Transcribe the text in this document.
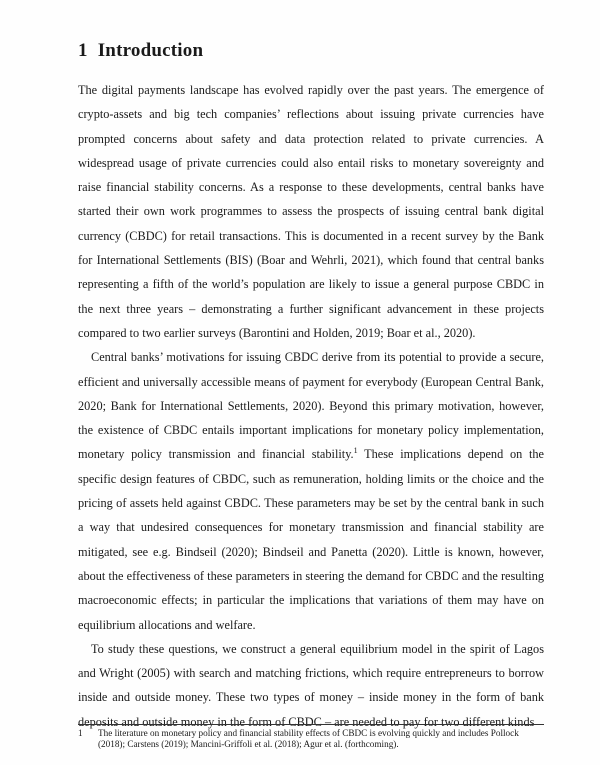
1 Introduction

The digital payments landscape has evolved rapidly over the past years. The emergence of crypto-assets and big tech companies’ reflections about issuing private currencies have prompted concerns about safety and data protection related to private currencies. A widespread usage of private currencies could also entail risks to monetary sovereignty and raise financial stability concerns. As a response to these developments, central banks have started their own work programmes to assess the prospects of issuing central bank digital currency (CBDC) for retail transactions. This is documented in a recent survey by the Bank for International Settlements (BIS) (Boar and Wehrli, 2021), which found that central banks representing a fifth of the world’s population are likely to issue a general purpose CBDC in the next three years – demonstrating a further significant advancement in these projects compared to two earlier surveys (Barontini and Holden, 2019; Boar et al., 2020).

Central banks’ motivations for issuing CBDC derive from its potential to provide a secure, efficient and universally accessible means of payment for everybody (European Central Bank, 2020; Bank for International Settlements, 2020). Beyond this primary motivation, however, the existence of CBDC entails important implications for monetary policy implementation, monetary policy transmission and financial stability.$^1$ These implications depend on the specific design features of CBDC, such as remuneration, holding limits or the choice and the pricing of assets held against CBDC. These parameters may be set by the central bank in such a way that undesired consequences for monetary transmission and financial stability are mitigated, see e.g. Bindseil (2020); Bindseil and Panetta (2020). Little is known, however, about the effectiveness of these parameters in steering the demand for CBDC and the resulting macroeconomic effects; in particular the implications that variations of them may have on equilibrium allocations and welfare.

To study these questions, we construct a general equilibrium model in the spirit of Lagos and Wright (2005) with search and matching frictions, which require entrepreneurs to borrow inside and outside money. These two types of money – inside money in the form of bank deposits and outside money in the form of CBDC – are needed to pay for two different kinds

1	The literature on monetary policy and financial stability effects of CBDC is evolving quickly and includes Pollock (2018); Carstens (2019); Mancini-Griffoli et al. (2018); Agur et al. (forthcoming).
